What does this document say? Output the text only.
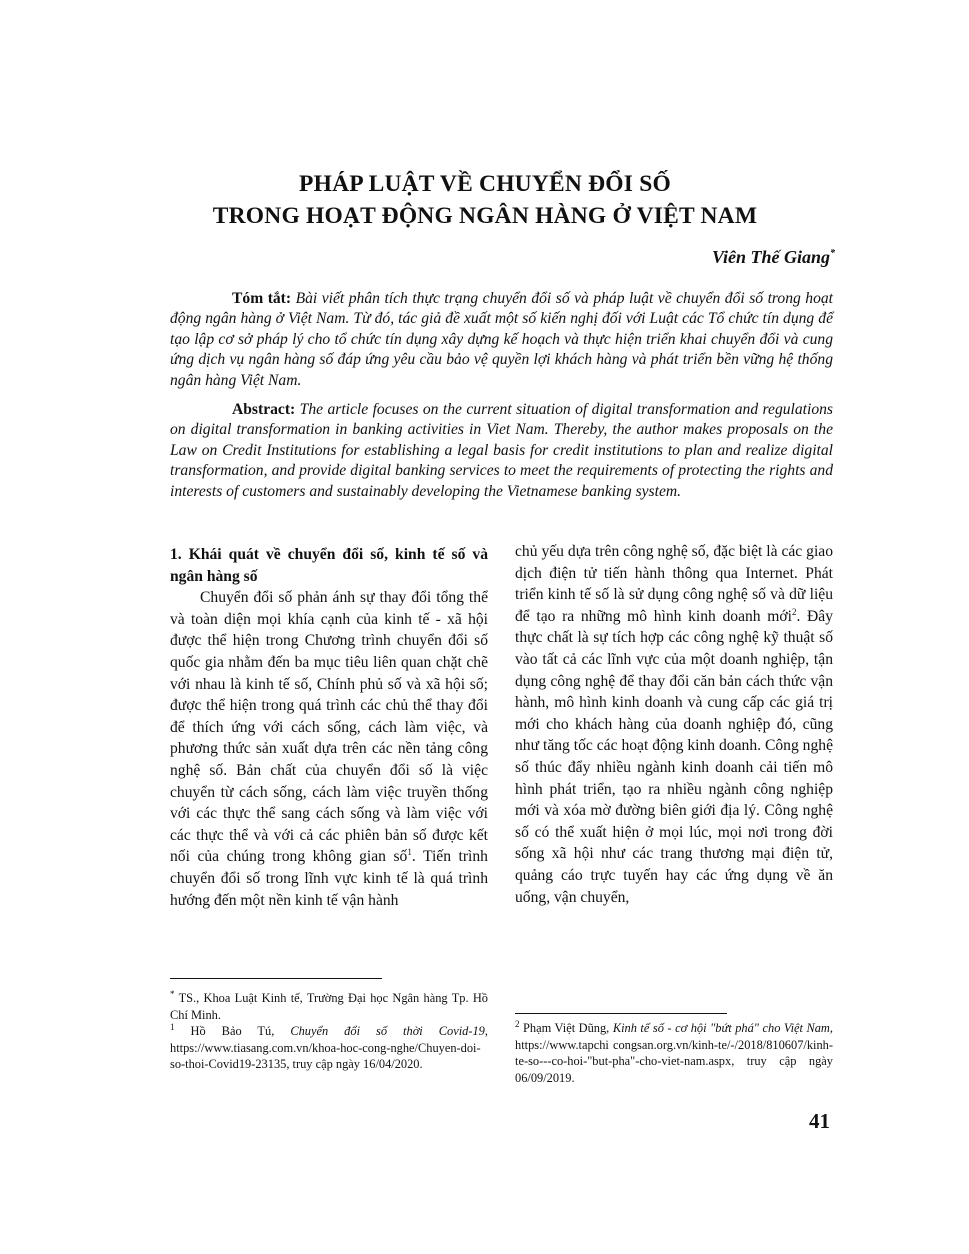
PHÁP LUẬT VỀ CHUYỂN ĐỔI SỐ
TRONG HOẠT ĐỘNG NGÂN HÀNG Ở VIỆT NAM
Viên Thế Giang*
Tóm tắt: Bài viết phân tích thực trạng chuyển đổi số và pháp luật về chuyển đổi số trong hoạt động ngân hàng ở Việt Nam. Từ đó, tác giả đề xuất một số kiến nghị đối với Luật các Tổ chức tín dụng để tạo lập cơ sở pháp lý cho tổ chức tín dụng xây dựng kế hoạch và thực hiện triển khai chuyển đổi và cung ứng dịch vụ ngân hàng số đáp ứng yêu cầu bảo vệ quyền lợi khách hàng và phát triển bền vững hệ thống ngân hàng Việt Nam.
Abstract: The article focuses on the current situation of digital transformation and regulations on digital transformation in banking activities in Viet Nam. Thereby, the author makes proposals on the Law on Credit Institutions for establishing a legal basis for credit institutions to plan and realize digital transformation, and provide digital banking services to meet the requirements of protecting the rights and interests of customers and sustainably developing the Vietnamese banking system.

1. Khái quát về chuyển đổi số, kinh tế số và ngân hàng số

Chuyển đổi số phản ánh sự thay đổi tổng thể và toàn diện mọi khía cạnh của kinh tế - xã hội được thể hiện trong Chương trình chuyển đổi số quốc gia nhằm đến ba mục tiêu liên quan chặt chẽ với nhau là kinh tế số, Chính phủ số và xã hội số; được thể hiện trong quá trình các chủ thể thay đổi để thích ứng với cách sống, cách làm việc, và phương thức sản xuất dựa trên các nền tảng công nghệ số. Bản chất của chuyển đổi số là việc chuyển từ cách sống, cách làm việc truyền thống với các thực thể sang cách sống và làm việc với các thực thể và với cả các phiên bản số được kết nối của chúng trong không gian số$^1$. Tiến trình chuyển đổi số trong lĩnh vực kinh tế là quá trình hướng đến một nền kinh tế vận hành

chủ yếu dựa trên công nghệ số, đặc biệt là các giao dịch điện tử tiến hành thông qua Internet. Phát triển kinh tế số là sử dụng công nghệ số và dữ liệu để tạo ra những mô hình kinh doanh mới$^2$. Đây thực chất là sự tích hợp các công nghệ kỹ thuật số vào tất cả các lĩnh vực của một doanh nghiệp, tận dụng công nghệ để thay đổi căn bản cách thức vận hành, mô hình kinh doanh và cung cấp các giá trị mới cho khách hàng của doanh nghiệp đó, cũng như tăng tốc các hoạt động kinh doanh. Công nghệ số thúc đẩy nhiều ngành kinh doanh cải tiến mô hình phát triển, tạo ra nhiều ngành công nghiệp mới và xóa mờ đường biên giới địa lý. Công nghệ số có thể xuất hiện ở mọi lúc, mọi nơi trong đời sống xã hội như các trang thương mại điện tử, quảng cáo trực tuyến hay các ứng dụng về ăn uống, vận chuyển,

* TS., Khoa Luật Kinh tế, Trường Đại học Ngân hàng Tp. Hồ Chí Minh.

$^1$ Hồ Bảo Tú, Chuyển đổi số thời Covid-19, https://www.tiasang.com.vn/khoa-hoc-cong-nghe/Chuyen-doi-so-thoi-Covid19-23135, truy cập ngày 16/04/2020.

$^2$ Phạm Việt Dũng, Kinh tế số - cơ hội "bứt phá" cho Việt Nam, https://www.tapchi congsan.org.vn/kinh-te/-/2018/810607/kinh-te-so---co-hoi-"but-pha"-cho-viet-nam.aspx, truy cập ngày 06/09/2019.

41
